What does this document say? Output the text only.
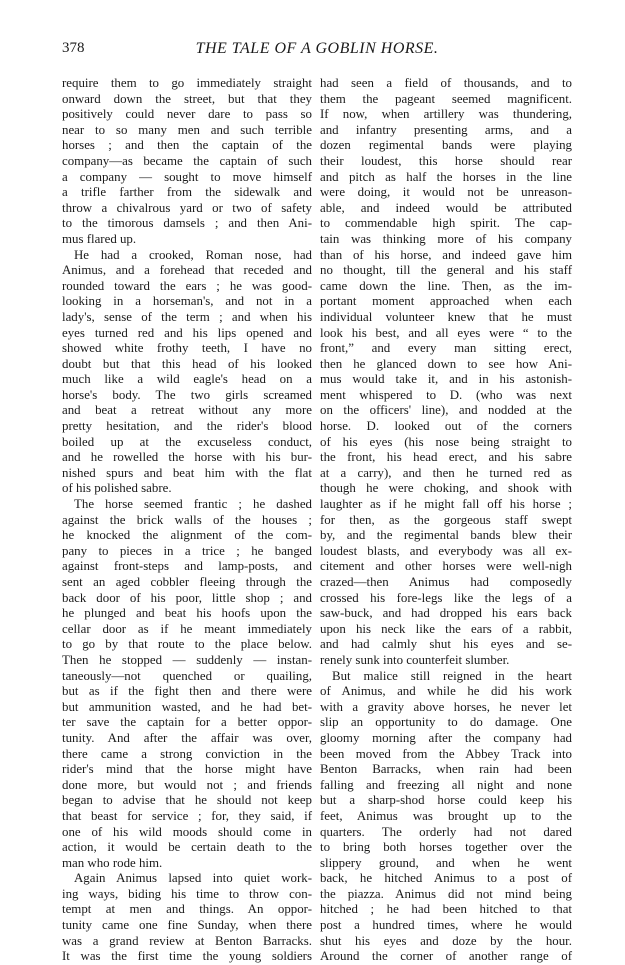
378	THE TALE OF A GOBLIN HORSE.
require them to go immediately straight
onward down the street, but that they
positively could never dare to pass so
near to so many men and such terrible
horses ; and then the captain of the
company—as became the captain of such
a company — sought to move himself
a trifle farther from the sidewalk and
throw a chivalrous yard or two of safety
to the timorous damsels ; and then Ani-
mus flared up.
He had a crooked, Roman nose, had
Animus, and a forehead that receded and
rounded toward the ears ; he was good-
looking in a horseman's, and not in a
lady's, sense of the term ; and when his
eyes turned red and his lips opened and
showed white frothy teeth, I have no
doubt but that this head of his looked
much like a wild eagle's head on a
horse's body. The two girls screamed
and beat a retreat without any more
pretty hesitation, and the rider's blood
boiled up at the excuseless conduct,
and he rowelled the horse with his bur-
nished spurs and beat him with the flat
of his polished sabre.
The horse seemed frantic ; he dashed
against the brick walls of the houses ;
he knocked the alignment of the com-
pany to pieces in a trice ; he banged
against front-steps and lamp-posts, and
sent an aged cobbler fleeing through the
back door of his poor, little shop ; and
he plunged and beat his hoofs upon the
cellar door as if he meant immediately
to go by that route to the place below.
Then he stopped — suddenly — instan-
taneously—not quenched or quailing,
but as if the fight then and there were
but ammunition wasted, and he had bet-
ter save the captain for a better oppor-
tunity. And after the affair was over,
there came a strong conviction in the
rider's mind that the horse might have
done more, but would not ; and friends
began to advise that he should not keep
that beast for service ; for, they said, if
one of his wild moods should come in
action, it would be certain death to the
man who rode him.
Again Animus lapsed into quiet work-
ing ways, biding his time to throw con-
tempt at men and things. An oppor-
tunity came one fine Sunday, when there
was a grand review at Benton Barracks.
It was the first time the young soldiers
had seen a field of thousands, and to
them the pageant seemed magnificent.
If now, when artillery was thundering,
and infantry presenting arms, and a
dozen regimental bands were playing
their loudest, this horse should rear
and pitch as half the horses in the line
were doing, it would not be unreason-
able, and indeed would be attributed
to commendable high spirit. The cap-
tain was thinking more of his company
than of his horse, and indeed gave him
no thought, till the general and his staff
came down the line. Then, as the im-
portant moment approached when each
individual volunteer knew that he must
look his best, and all eyes were “ to the
front,” and every man sitting erect,
then he glanced down to see how Ani-
mus would take it, and in his astonish-
ment whispered to D. (who was next
on the officers' line), and nodded at the
horse. D. looked out of the corners
of his eyes (his nose being straight to
the front, his head erect, and his sabre
at a carry), and then he turned red as
though he were choking, and shook with
laughter as if he might fall off his horse ;
for then, as the gorgeous staff swept
by, and the regimental bands blew their
loudest blasts, and everybody was all ex-
citement and other horses were well-nigh
crazed—then Animus had composedly
crossed his fore-legs like the legs of a
saw-buck, and had dropped his ears back
upon his neck like the ears of a rabbit,
and had calmly shut his eyes and se-
renely sunk into counterfeit slumber.
But malice still reigned in the heart
of Animus, and while he did his work
with a gravity above horses, he never let
slip an opportunity to do damage. One
gloomy morning after the company had
been moved from the Abbey Track into
Benton Barracks, when rain had been
falling and freezing all night and none
but a sharp-shod horse could keep his
feet, Animus was brought up to the
quarters. The orderly had not dared
to bring both horses together over the
slippery ground, and when he went
back, he hitched Animus to a post of
the piazza. Animus did not mind being
hitched ; he had been hitched to that
post a hundred times, where he would
shut his eyes and doze by the hour.
Around the corner of another range of
